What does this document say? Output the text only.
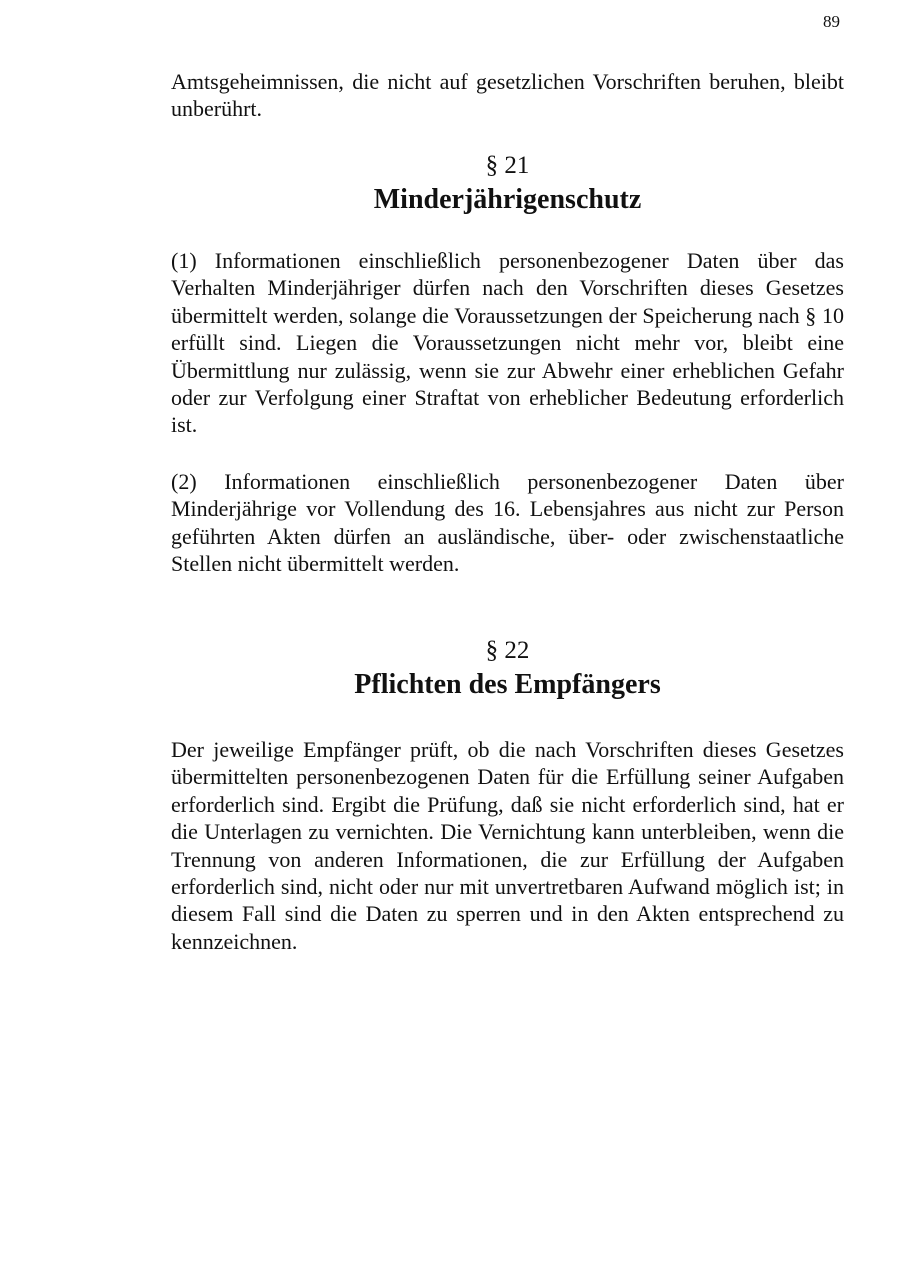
89

Amtsgeheimnissen, die nicht auf gesetzlichen Vorschriften beruhen, bleibt unberührt.

§ 21
Minderjährigenschutz

(1) Informationen einschließlich personenbezogener Daten über das Verhalten Minderjähriger dürfen nach den Vorschriften dieses Gesetzes übermittelt werden, solange die Voraussetzungen der Speicherung nach § 10 erfüllt sind. Liegen die Voraussetzungen nicht mehr vor, bleibt eine Übermittlung nur zulässig, wenn sie zur Abwehr einer erheblichen Gefahr oder zur Verfolgung einer Straftat von erheblicher Bedeutung erforderlich ist.

(2) Informationen einschließlich personenbezogener Daten über Minderjährige vor Vollendung des 16. Lebensjahres aus nicht zur Person geführten Akten dürfen an ausländische, über- oder zwischenstaatliche Stellen nicht übermittelt werden.

§ 22
Pflichten des Empfängers

Der jeweilige Empfänger prüft, ob die nach Vorschriften dieses Gesetzes übermittelten personenbezogenen Daten für die Erfüllung seiner Aufgaben erforderlich sind. Ergibt die Prüfung, daß sie nicht erforderlich sind, hat er die Unterlagen zu vernichten. Die Vernichtung kann unterbleiben, wenn die Trennung von anderen Informationen, die zur Erfüllung der Aufgaben erforderlich sind, nicht oder nur mit unvertretbaren Aufwand möglich ist; in diesem Fall sind die Daten zu sperren und in den Akten entsprechend zu kennzeichnen.
